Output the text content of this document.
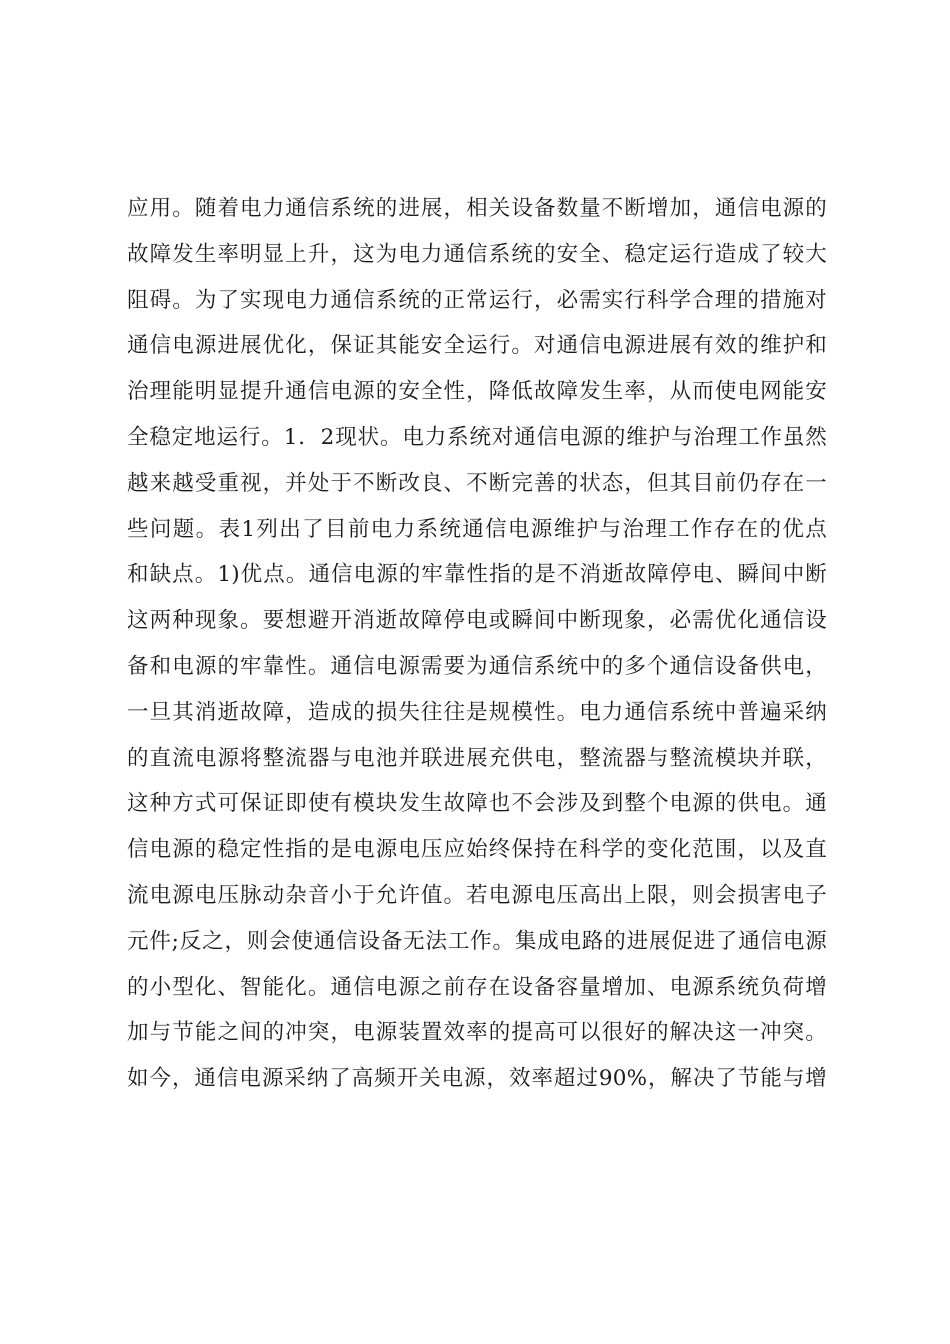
应用。随着电力通信系统的进展，相关设备数量不断增加，通信电源的
故障发生率明显上升，这为电力通信系统的安全、稳定运行造成了较大
阻碍。为了实现电力通信系统的正常运行，必需实行科学合理的措施对
通信电源进展优化，保证其能安全运行。对通信电源进展有效的维护和
治理能明显提升通信电源的安全性，降低故障发生率，从而使电网能安
全稳定地运行。1．2现状。电力系统对通信电源的维护与治理工作虽然
越来越受重视，并处于不断改良、不断完善的状态，但其目前仍存在一
些问题。表1列出了目前电力系统通信电源维护与治理工作存在的优点
和缺点。1)优点。通信电源的牢靠性指的是不消逝故障停电、瞬间中断
这两种现象。要想避开消逝故障停电或瞬间中断现象，必需优化通信设
备和电源的牢靠性。通信电源需要为通信系统中的多个通信设备供电，
一旦其消逝故障，造成的损失往往是规模性。电力通信系统中普遍采纳
的直流电源将整流器与电池并联进展充供电，整流器与整流模块并联，
这种方式可保证即使有模块发生故障也不会涉及到整个电源的供电。通
信电源的稳定性指的是电源电压应始终保持在科学的变化范围，以及直
流电源电压脉动杂音小于允许值。若电源电压高出上限，则会损害电子
元件;反之，则会使通信设备无法工作。集成电路的进展促进了通信电源
的小型化、智能化。通信电源之前存在设备容量增加、电源系统负荷增
加与节能之间的冲突，电源装置效率的提高可以很好的解决这一冲突。
如今，通信电源采纳了高频开关电源，效率超过90%，解决了节能与增
